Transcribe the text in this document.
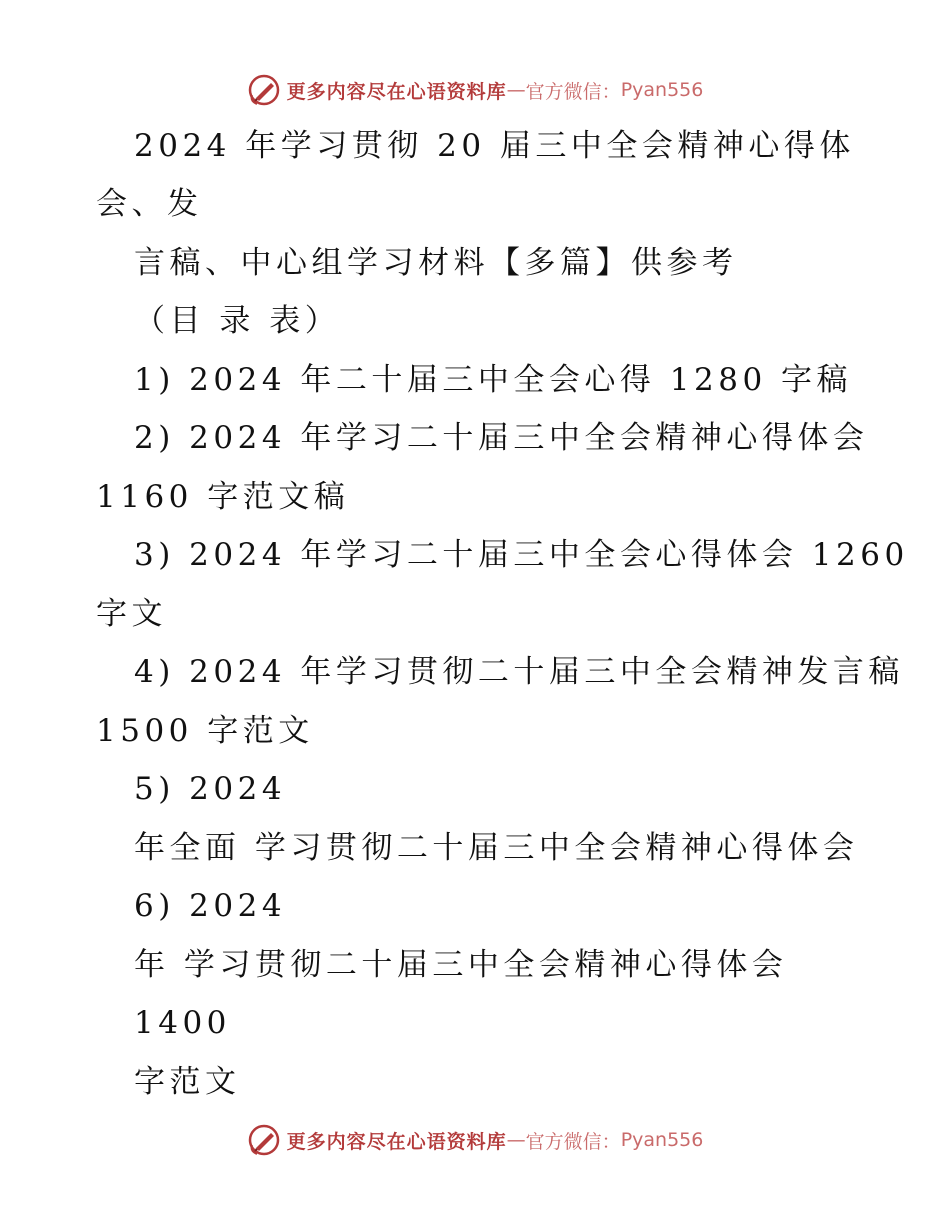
更多内容尽在心语资料库 — 官方微信： Pyan556
2024 年学习贯彻 20 届三中全会精神心得体
会、发
言稿、中心组学习材料【多篇】供参考
（目 录 表）
1) 2024 年二十届三中全会心得 1280 字稿
2) 2024 年学习二十届三中全会精神心得体会
1160 字范文稿
3) 2024 年学习二十届三中全会心得体会 1260
字文
4) 2024 年学习贯彻二十届三中全会精神发言稿
1500 字范文
5) 2024
年全面 学习贯彻二十届三中全会精神心得体会
6) 2024
年 学习贯彻二十届三中全会精神心得体会
1400
字范文
更多内容尽在心语资料库 — 官方微信： Pyan556
